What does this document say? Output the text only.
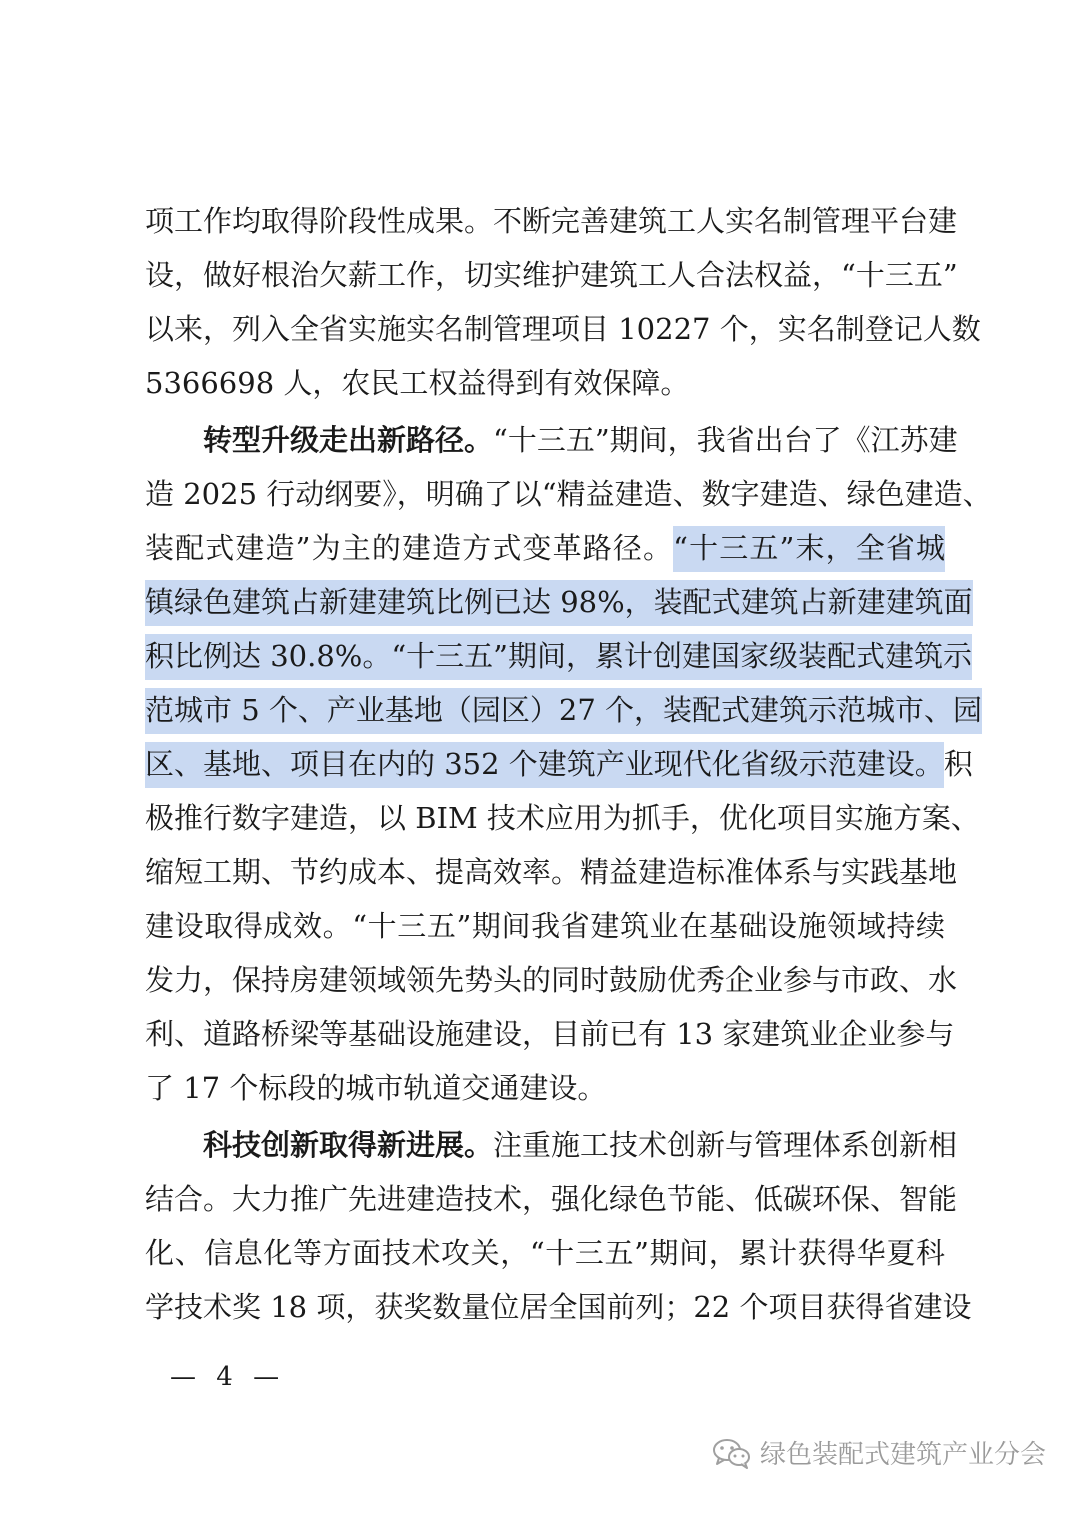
项工作均取得阶段性成果。不断完善建筑工人实名制管理平台建
设，做好根治欠薪工作，切实维护建筑工人合法权益，“十三五”
以来，列入全省实施实名制管理项目 10227 个，实名制登记人数
5366698 人，农民工权益得到有效保障。
　　转型升级走出新路径。“十三五”期间，我省出台了《江苏建
造 2025 行动纲要》，明确了以“精益建造、数字建造、绿色建造、
装配式建造”为主的建造方式变革路径。“十三五”末，全省城
镇绿色建筑占新建建筑比例已达 98%，装配式建筑占新建建筑面
积比例达 30.8%。“十三五”期间，累计创建国家级装配式建筑示
范城市 5 个、产业基地（园区）27 个，装配式建筑示范城市、园
区、基地、项目在内的 352 个建筑产业现代化省级示范建设。积
极推行数字建造，以 BIM 技术应用为抓手，优化项目实施方案、
缩短工期、节约成本、提高效率。精益建造标准体系与实践基地
建设取得成效。“十三五”期间我省建筑业在基础设施领域持续
发力，保持房建领域领先势头的同时鼓励优秀企业参与市政、水
利、道路桥梁等基础设施建设，目前已有 13 家建筑业企业参与
了 17 个标段的城市轨道交通建设。
　　科技创新取得新进展。注重施工技术创新与管理体系创新相
结合。大力推广先进建造技术，强化绿色节能、低碳环保、智能
化、信息化等方面技术攻关，“十三五”期间，累计获得华夏科
学技术奖 18 项，获奖数量位居全国前列；22 个项目获得省建设
— 4 —
绿色装配式建筑产业分会
